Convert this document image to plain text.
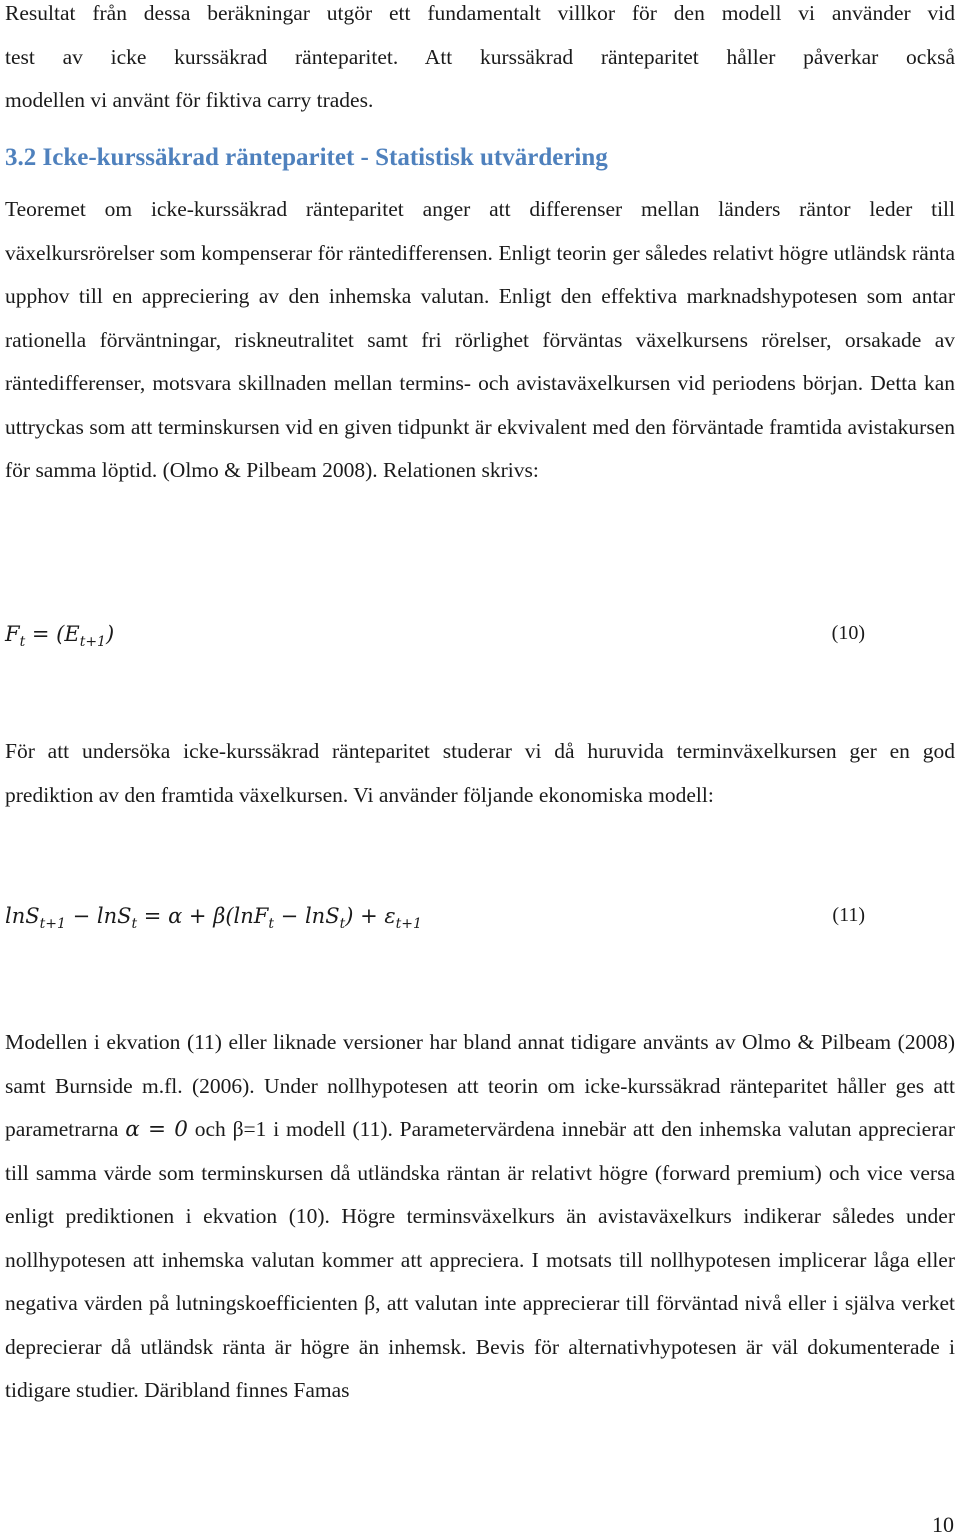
Resultat från dessa beräkningar utgör ett fundamentalt villkor för den modell vi använder vid
test av icke kurssäkrad ränteparitet. Att kurssäkrad ränteparitet håller påverkar också
modellen vi använt för fiktiva carry trades.
3.2 Icke-kurssäkrad ränteparitet - Statistisk utvärdering

Teoremet om icke-kurssäkrad ränteparitet anger att differenser mellan länders räntor leder till växelkursrörelser som kompenserar för räntedifferensen. Enligt teorin ger således relativt högre utländsk ränta upphov till en appreciering av den inhemska valutan. Enligt den effektiva marknadshypotesen som antar rationella förväntningar, riskneutralitet samt fri rörlighet förväntas växelkursens rörelser, orsakade av räntedifferenser, motsvara skillnaden mellan termins- och avistaväxelkursen vid periodens början. Detta kan uttryckas som att terminskursen vid en given tidpunkt är ekvivalent med den förväntade framtida avistakursen för samma löptid. (Olmo & Pilbeam 2008). Relationen skrivs:

$F_t = (E_{t+1})$	(10)

För att undersöka icke-kurssäkrad ränteparitet studerar vi då huruvida terminväxelkursen ger en god prediktion av den framtida växelkursen. Vi använder följande ekonomiska modell:

$\ln S_{t+1} - \ln S_t = \alpha + \beta(\ln F_t - \ln S_t) + \varepsilon_{t+1}$	(11)

Modellen i ekvation (11) eller liknade versioner har bland annat tidigare använts av Olmo & Pilbeam (2008) samt Burnside m.fl. (2006). Under nollhypotesen att teorin om icke-kurssäkrad ränteparitet håller ges att parametrarna α = 0 och β=1 i modell (11). Parametervärdena innebär att den inhemska valutan apprecierar till samma värde som terminskursen då utländska räntan är relativt högre (forward premium) och vice versa enligt prediktionen i ekvation (10). Högre terminsväxelkurs än avistaväxelkurs indikerar således under nollhypotesen att inhemska valutan kommer att appreciera. I motsats till nollhypotesen implicerar låga eller negativa värden på lutningskoefficienten β, att valutan inte apprecierar till förväntad nivå eller i själva verket deprecierar då utländsk ränta är högre än inhemsk. Bevis för alternativhypotesen är väl dokumenterade i tidigare studier. Däribland finnes Famas

10
